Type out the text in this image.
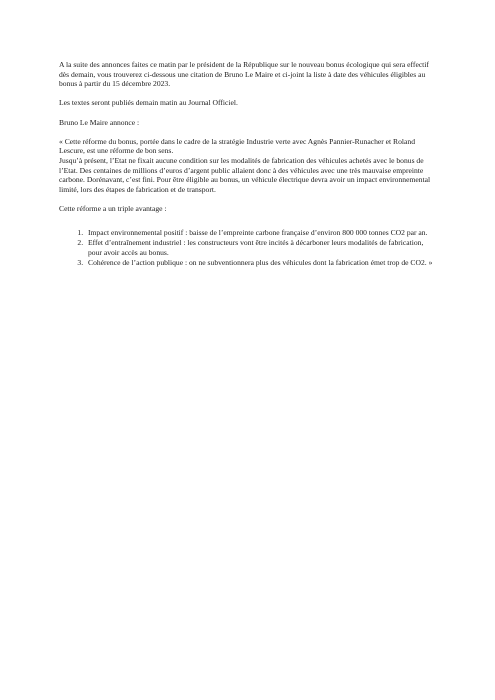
A la suite des annonces faites ce matin par le président de la République sur le nouveau bonus écologique qui sera effectif dès demain, vous trouverez ci-dessous une citation de Bruno Le Maire et ci-joint la liste à date des véhicules éligibles au bonus à partir du 15 décembre 2023.

Les textes seront publiés demain matin au Journal Officiel.

Bruno Le Maire annonce :

« Cette réforme du bonus, portée dans le cadre de la stratégie Industrie verte avec Agnès Pannier-Runacher et Roland Lescure, est une réforme de bon sens.

Jusqu’à présent, l’Etat ne fixait aucune condition sur les modalités de fabrication des véhicules achetés avec le bonus de l’Etat. Des centaines de millions d’euros d’argent public allaient donc à des véhicules avec une très mauvaise empreinte carbone. Dorénavant, c’est fini. Pour être éligible au bonus, un véhicule électrique devra avoir un impact environnemental limité, lors des étapes de fabrication et de transport.

Cette réforme a un triple avantage :

1. Impact environnemental positif : baisse de l’empreinte carbone française d’environ 800 000 tonnes CO2 par an.
2. Effet d’entraînement industriel : les constructeurs vont être incités à décarboner leurs modalités de fabrication, pour avoir accès au bonus.
3. Cohérence de l’action publique : on ne subventionnera plus des véhicules dont la fabrication émet trop de CO2. »
